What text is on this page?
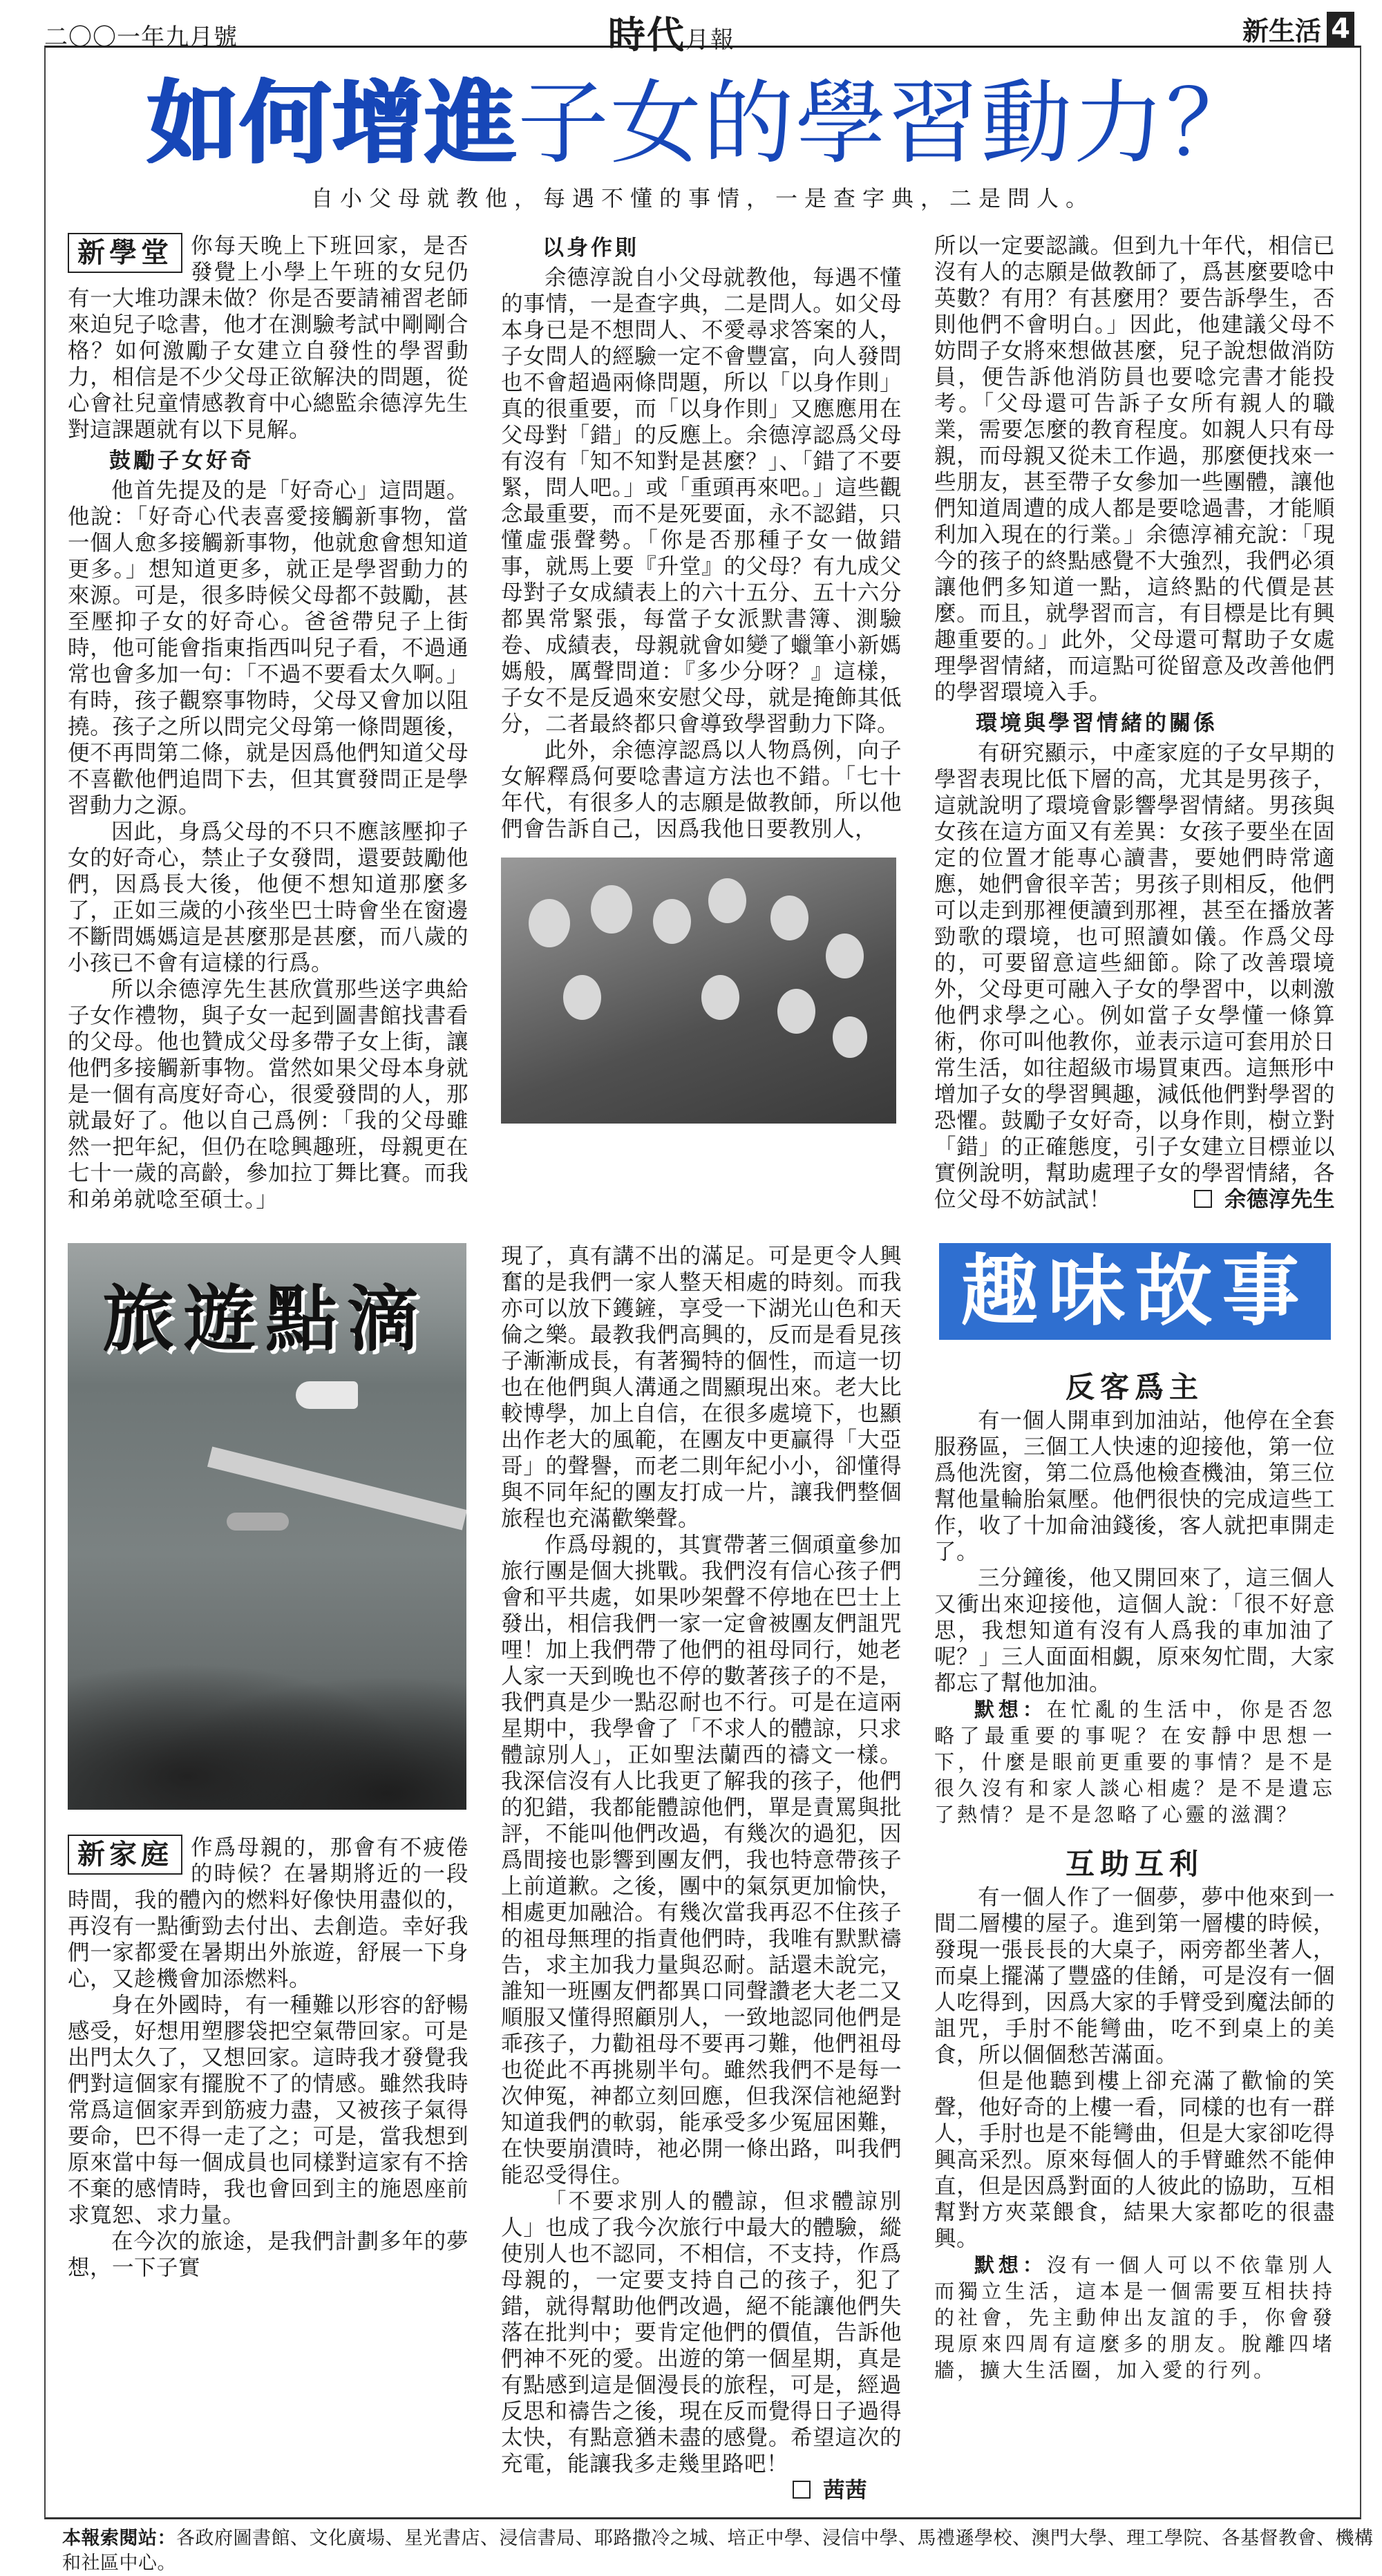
二〇〇一年九月號	時代月報	新生活 4
如何增進子女的學習動力？
自小父母就教他，每遇不懂的事情，一是查字典，二是問人。
新學堂 你每天晚上下班回家，是否發覺上小學上午班的女兒仍有一大堆功課未做？你是否要請補習老師來迫兒子唸書，他才在測驗考試中剛剛合格？如何激勵子女建立自發性的學習動力，相信是不少父母正欲解決的問題，從心會社兒童情感教育中心總監余德淳先生對這課題就有以下見解。

鼓勵子女好奇

他首先提及的是「好奇心」這問題。他說：「好奇心代表喜愛接觸新事物，當一個人愈多接觸新事物，他就愈會想知道更多。」想知道更多，就正是學習動力的來源。可是，很多時候父母都不鼓勵，甚至壓抑子女的好奇心。爸爸帶兒子上街時，他可能會指東指西叫兒子看，不過通常也會多加一句：「不過不要看太久啊。」有時，孩子觀察事物時，父母又會加以阻撓。孩子之所以問完父母第一條問題後，便不再問第二條，就是因爲他們知道父母不喜歡他們追問下去，但其實發問正是學習動力之源。

因此，身爲父母的不只不應該壓抑子女的好奇心，禁止子女發問，還要鼓勵他們，因爲長大後，他便不想知道那麼多了，正如三歲的小孩坐巴士時會坐在窗邊不斷問媽媽這是甚麼那是甚麼，而八歲的小孩已不會有這樣的行爲。

所以余德淳先生甚欣賞那些送字典給子女作禮物，與子女一起到圖書館找書看的父母。他也贊成父母多帶子女上街，讓他們多接觸新事物。當然如果父母本身就是一個有高度好奇心，很愛發問的人，那就最好了。他以自己爲例：「我的父母雖然一把年紀，但仍在唸興趣班，母親更在七十一歲的高齡，參加拉丁舞比賽。而我和弟弟就唸至碩士。」

以身作則

余德淳說自小父母就教他，每遇不懂的事情，一是查字典，二是問人。如父母本身已是不想問人、不愛尋求答案的人，子女問人的經驗一定不會豐富，向人發問也不會超過兩條問題，所以「以身作則」真的很重要，而「以身作則」又應應用在父母對「錯」的反應上。余德淳認爲父母有沒有「知不知對是甚麼？」、「錯了不要緊，問人吧。」或「重頭再來吧。」這些觀念最重要，而不是死要面，永不認錯，只懂虛張聲勢。「你是否那種子女一做錯事，就馬上要『升堂』的父母？有九成父母對子女成績表上的六十五分、五十六分都異常緊張，每當子女派默書簿、測驗卷、成績表，母親就會如變了蠟筆小新媽媽般，厲聲問道：『多少分呀？』這樣，子女不是反過來安慰父母，就是掩飾其低分，二者最終都只會導致學習動力下降。

此外，余德淳認爲以人物爲例，向子女解釋爲何要唸書這方法也不錯。「七十年代，有很多人的志願是做教師，所以他們會告訴自己，因爲我他日要教別人，

所以一定要認識。但到九十年代，相信已沒有人的志願是做教師了，爲甚麼要唸中英數？有用？有甚麼用？要告訴學生，否則他們不會明白。」因此，他建議父母不妨問子女將來想做甚麼，兒子說想做消防員，便告訴他消防員也要唸完書才能投考。「父母還可告訴子女所有親人的職業，需要怎麼的教育程度。如親人只有母親，而母親又從未工作過，那麼便找來一些朋友，甚至帶子女參加一些團體，讓他們知道周遭的成人都是要唸過書，才能順利加入現在的行業。」余德淳補充說：「現今的孩子的終點感覺不大強烈，我們必須讓他們多知道一點，這終點的代價是甚麼。而且，就學習而言，有目標是比有興趣重要的。」此外，父母還可幫助子女處理學習情緒，而這點可從留意及改善他們的學習環境入手。

環境與學習情緒的關係

有研究顯示，中產家庭的子女早期的學習表現比低下層的高，尤其是男孩子，這就說明了環境會影響學習情緒。男孩與女孩在這方面又有差異：女孩子要坐在固定的位置才能專心讀書，要她們時常適應，她們會很辛苦；男孩子則相反，他們可以走到那裡便讀到那裡，甚至在播放著勁歌的環境，也可照讀如儀。作爲父母的，可要留意這些細節。除了改善環境外，父母更可融入子女的學習中，以刺激他們求學之心。例如當子女學懂一條算術，你可叫他教你，並表示這可套用於日常生活，如往超級市場買東西。這無形中增加子女的學習興趣，減低他們對學習的恐懼。鼓勵子女好奇，以身作則，樹立對「錯」的正確態度，引子女建立目標並以實例說明，幫助處理子女的學習情緒，各位父母不妨試試！	余德淳先生

旅遊點滴
新家庭 作爲母親的，那會有不疲倦的時候？在暑期將近的一段時間，我的體內的燃料好像快用盡似的，再沒有一點衝勁去付出、去創造。幸好我們一家都愛在暑期出外旅遊，舒展一下身心，又趁機會加添燃料。

身在外國時，有一種難以形容的舒暢感受，好想用塑膠袋把空氣帶回家。可是出門太久了，又想回家。這時我才發覺我們對這個家有擺脫不了的情感。雖然我時常爲這個家弄到筋疲力盡，又被孩子氣得要命，巴不得一走了之；可是，當我想到原來當中每一個成員也同樣對這家有不捨不棄的感情時，我也會回到主的施恩座前求寬恕、求力量。

在今次的旅途，是我們計劃多年的夢想，一下子實

現了，真有講不出的滿足。可是更令人興奮的是我們一家人整天相處的時刻。而我亦可以放下鑊鏟，享受一下湖光山色和天倫之樂。最教我們高興的，反而是看見孩子漸漸成長，有著獨特的個性，而這一切也在他們與人溝通之間顯現出來。老大比較博學，加上自信，在很多處境下，也顯出作老大的風範，在團友中更贏得「大亞哥」的聲譽，而老二則年紀小小，卻懂得與不同年紀的團友打成一片，讓我們整個旅程也充滿歡樂聲。

作爲母親的，其實帶著三個頑童參加旅行團是個大挑戰。我們沒有信心孩子們會和平共處，如果吵架聲不停地在巴士上發出，相信我們一家一定會被團友們詛咒哩！加上我們帶了他們的祖母同行，她老人家一天到晚也不停的數著孩子的不是，我們真是少一點忍耐也不行。可是在這兩星期中，我學會了「不求人的體諒，只求體諒別人」，正如聖法蘭西的禱文一樣。我深信沒有人比我更了解我的孩子，他們的犯錯，我都能體諒他們，單是責罵與批評，不能叫他們改過，有幾次的過犯，因爲間接也影響到團友們，我也特意帶孩子上前道歉。之後，團中的氣氛更加愉快，相處更加融洽。有幾次當我再忍不住孩子的祖母無理的指責他們時，我唯有默默禱告，求主加我力量與忍耐。話還未說完，誰知一班團友們都異口同聲讚老大老二又順服又懂得照顧別人，一致地認同他們是乖孩子，力勸祖母不要再刁難，他們祖母也從此不再挑剔半句。雖然我們不是每一次伸冤，神都立刻回應，但我深信祂絕對知道我們的軟弱，能承受多少冤屈困難，在快要崩潰時，祂必開一條出路，叫我們能忍受得住。

「不要求別人的體諒，但求體諒別人」也成了我今次旅行中最大的體驗，縱使別人也不認同，不相信，不支持，作爲母親的，一定要支持自己的孩子，犯了錯，就得幫助他們改過，絕不能讓他們失落在批判中；要肯定他們的價值，告訴他們神不死的愛。出遊的第一個星期，真是有點感到這是個漫長的旅程，可是，經過反思和禱告之後，現在反而覺得日子過得太快，有點意猶未盡的感覺。希望這次的充電，能讓我多走幾里路吧！
茜茜

趣味故事
反客爲主

有一個人開車到加油站，他停在全套服務區，三個工人快速的迎接他，第一位爲他洗窗，第二位爲他檢查機油，第三位幫他量輪胎氣壓。他們很快的完成這些工作，收了十加侖油錢後，客人就把車開走了。

三分鐘後，他又開回來了，這三個人又衝出來迎接他，這個人說：「很不好意思，我想知道有沒有人爲我的車加油了呢？」三人面面相覷，原來匆忙間，大家都忘了幫他加油。

默想：在忙亂的生活中，你是否忽略了最重要的事呢？在安靜中思想一下，什麼是眼前更重要的事情？是不是很久沒有和家人談心相處？是不是遺忘了熱情？是不是忽略了心靈的滋潤？

互助互利

有一個人作了一個夢，夢中他來到一間二層樓的屋子。進到第一層樓的時候，發現一張長長的大桌子，兩旁都坐著人，而桌上擺滿了豐盛的佳餚，可是沒有一個人吃得到，因爲大家的手臂受到魔法師的詛咒，手肘不能彎曲，吃不到桌上的美食，所以個個愁苦滿面。

但是他聽到樓上卻充滿了歡愉的笑聲，他好奇的上樓一看，同樣的也有一群人，手肘也是不能彎曲，但是大家卻吃得興高采烈。原來每個人的手臂雖然不能伸直，但是因爲對面的人彼此的協助，互相幫對方夾菜餵食，結果大家都吃的很盡興。

默想：沒有一個人可以不依靠別人而獨立生活，這本是一個需要互相扶持的社會，先主動伸出友誼的手，你會發現原來四周有這麼多的朋友。脫離四堵牆，擴大生活圈，加入愛的行列。

本報索閱站：各政府圖書館、文化廣場、星光書店、浸信書局、耶路撒冷之城、培正中學、浸信中學、馬禮遜學校、澳門大學、理工學院、各基督教會、機構和社區中心。
